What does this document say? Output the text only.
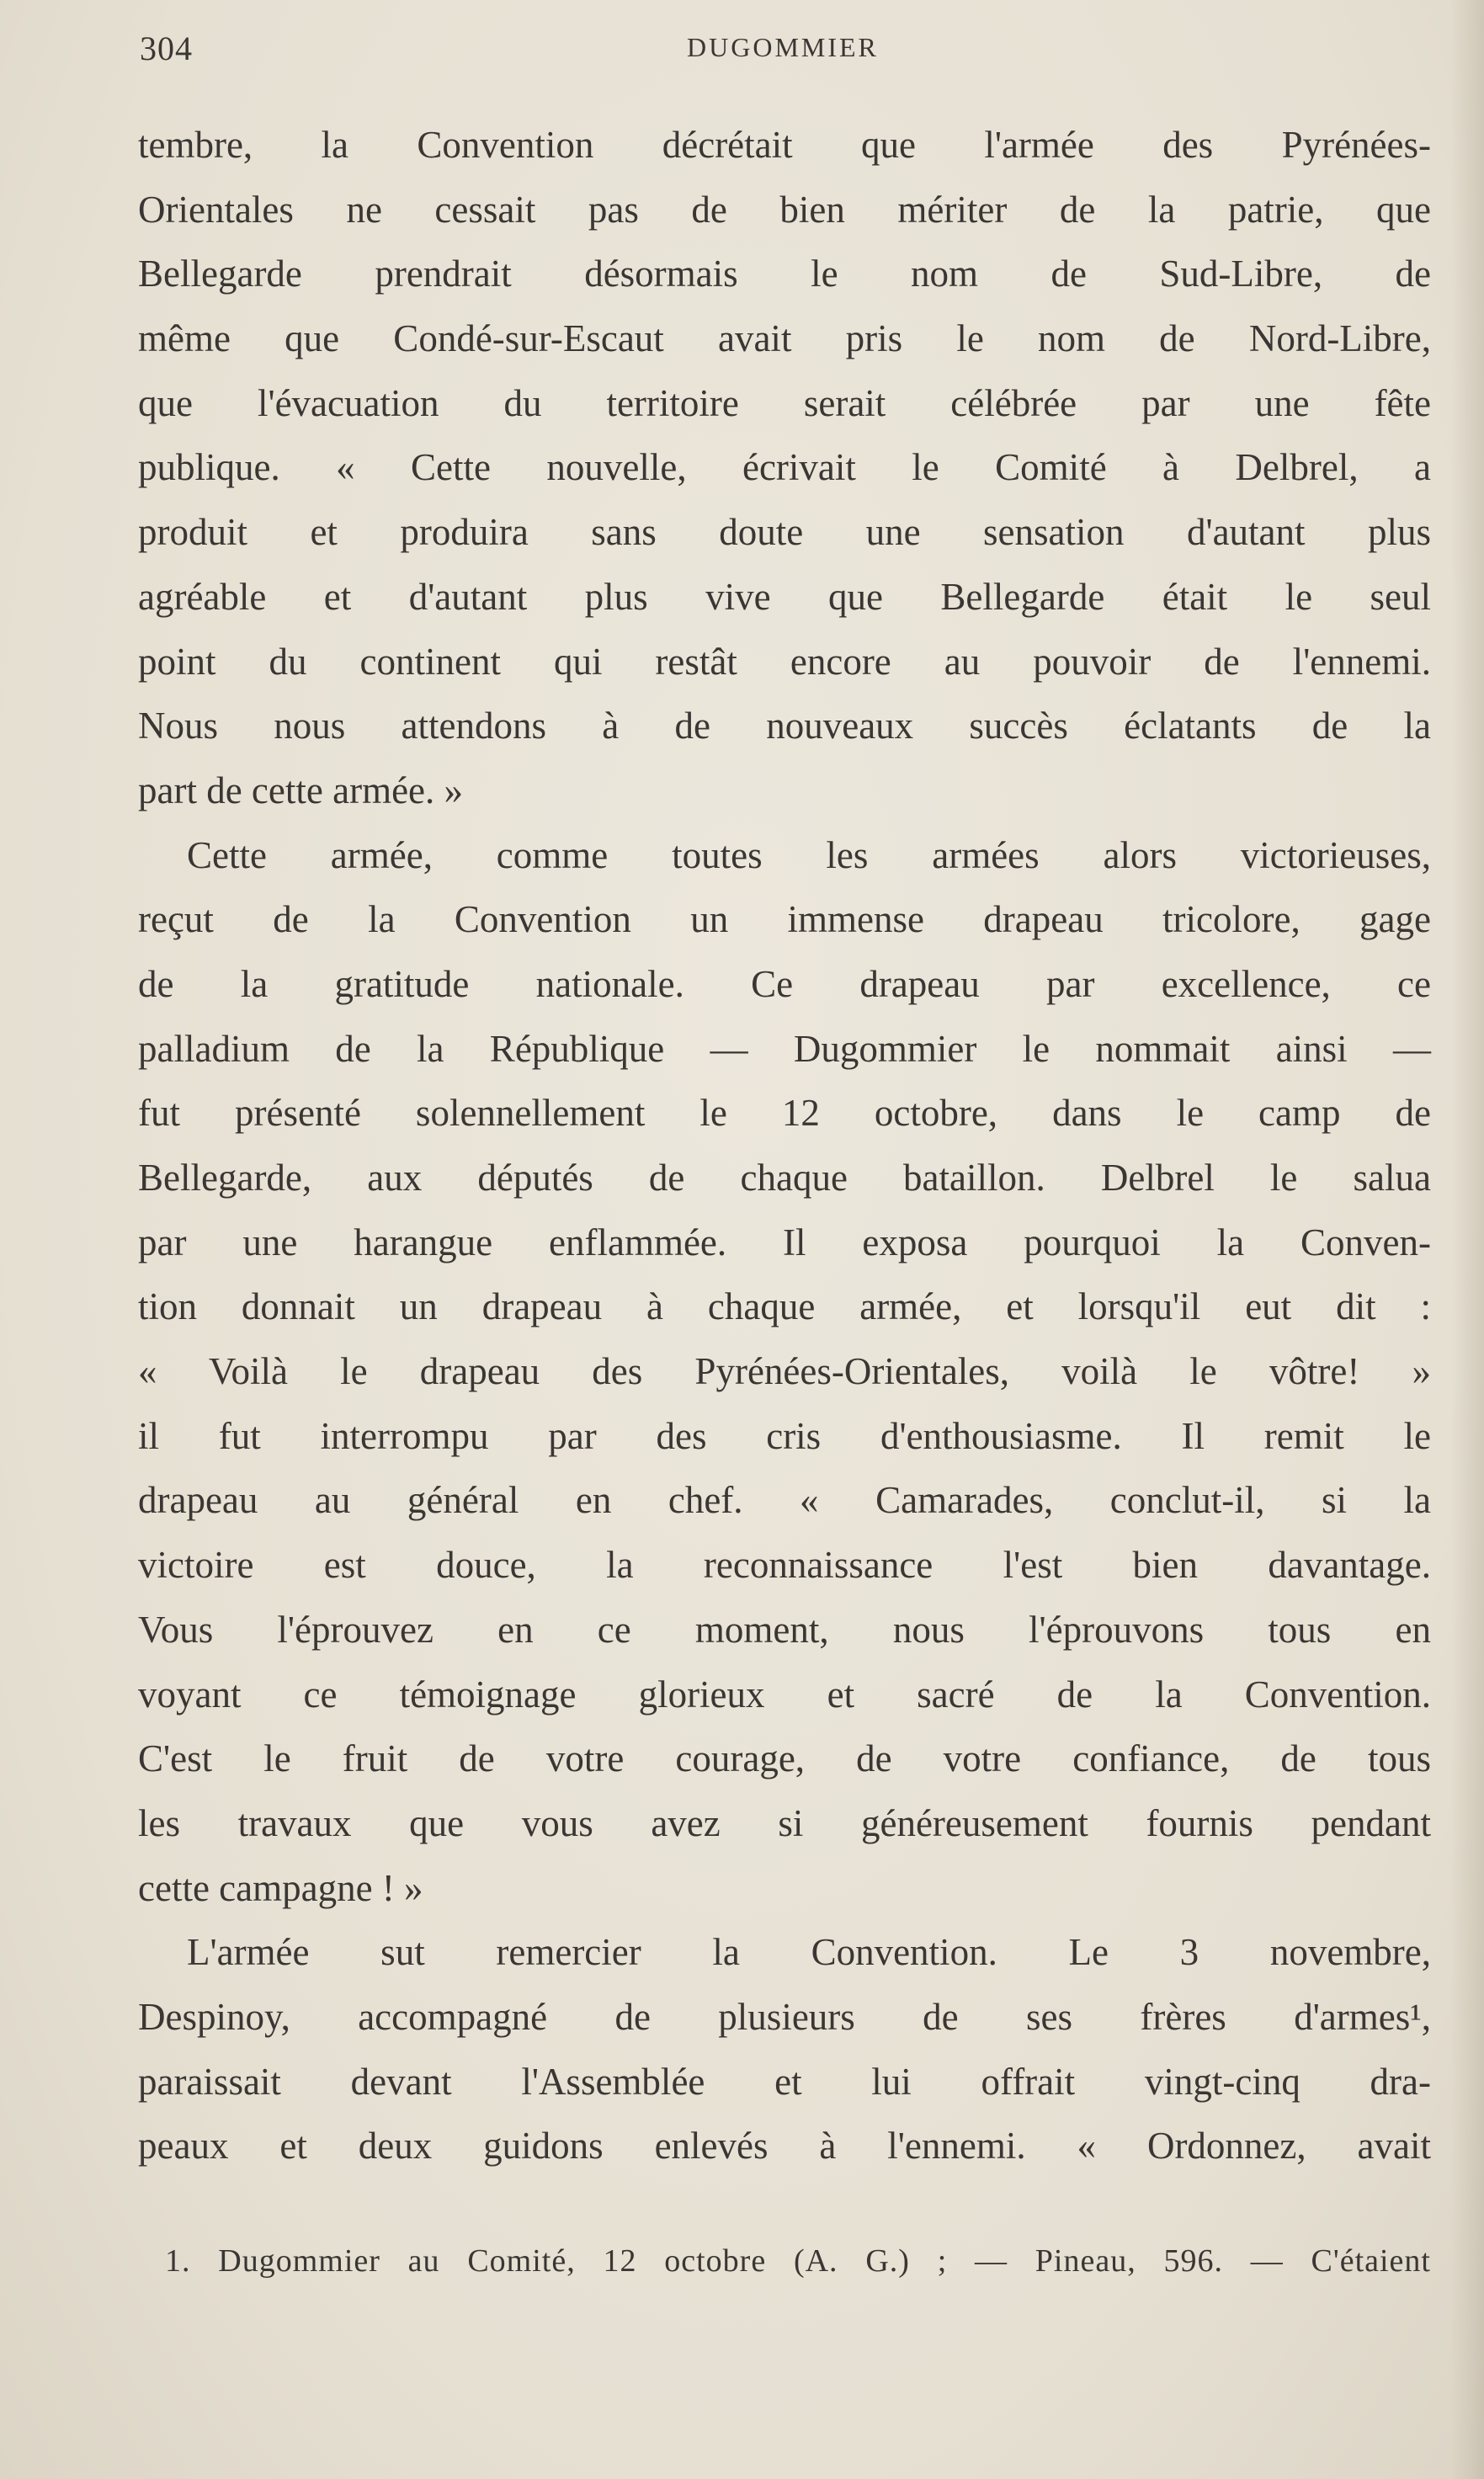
304	DUGOMMIER
tembre, la Convention décrétait que l'armée des Pyrénées-
Orientales ne cessait pas de bien mériter de la patrie, que
Bellegarde prendrait désormais le nom de Sud-Libre, de
même que Condé-sur-Escaut avait pris le nom de Nord-Libre,
que l'évacuation du territoire serait célébrée par une fête
publique. « Cette nouvelle, écrivait le Comité à Delbrel, a
produit et produira sans doute une sensation d'autant plus
agréable et d'autant plus vive que Bellegarde était le seul
point du continent qui restât encore au pouvoir de l'ennemi.
Nous nous attendons à de nouveaux succès éclatants de la
part de cette armée. »
Cette armée, comme toutes les armées alors victorieuses,
reçut de la Convention un immense drapeau tricolore, gage
de la gratitude nationale. Ce drapeau par excellence, ce
palladium de la République — Dugommier le nommait ainsi —
fut présenté solennellement le 12 octobre, dans le camp de
Bellegarde, aux députés de chaque bataillon. Delbrel le salua
par une harangue enflammée. Il exposa pourquoi la Conven-
tion donnait un drapeau à chaque armée, et lorsqu'il eut dit :
« Voilà le drapeau des Pyrénées-Orientales, voilà le vôtre! »
il fut interrompu par des cris d'enthousiasme. Il remit le
drapeau au général en chef. « Camarades, conclut-il, si la
victoire est douce, la reconnaissance l'est bien davantage.
Vous l'éprouvez en ce moment, nous l'éprouvons tous en
voyant ce témoignage glorieux et sacré de la Convention.
C'est le fruit de votre courage, de votre confiance, de tous
les travaux que vous avez si généreusement fournis pendant
cette campagne ! »
L'armée sut remercier la Convention. Le 3 novembre,
Despinoy, accompagné de plusieurs de ses frères d'armes¹,
paraissait devant l'Assemblée et lui offrait vingt-cinq dra-
peaux et deux guidons enlevés à l'ennemi. « Ordonnez, avait
1. Dugommier au Comité, 12 octobre (A. G.) ; — Pineau, 596. — C'étaient
